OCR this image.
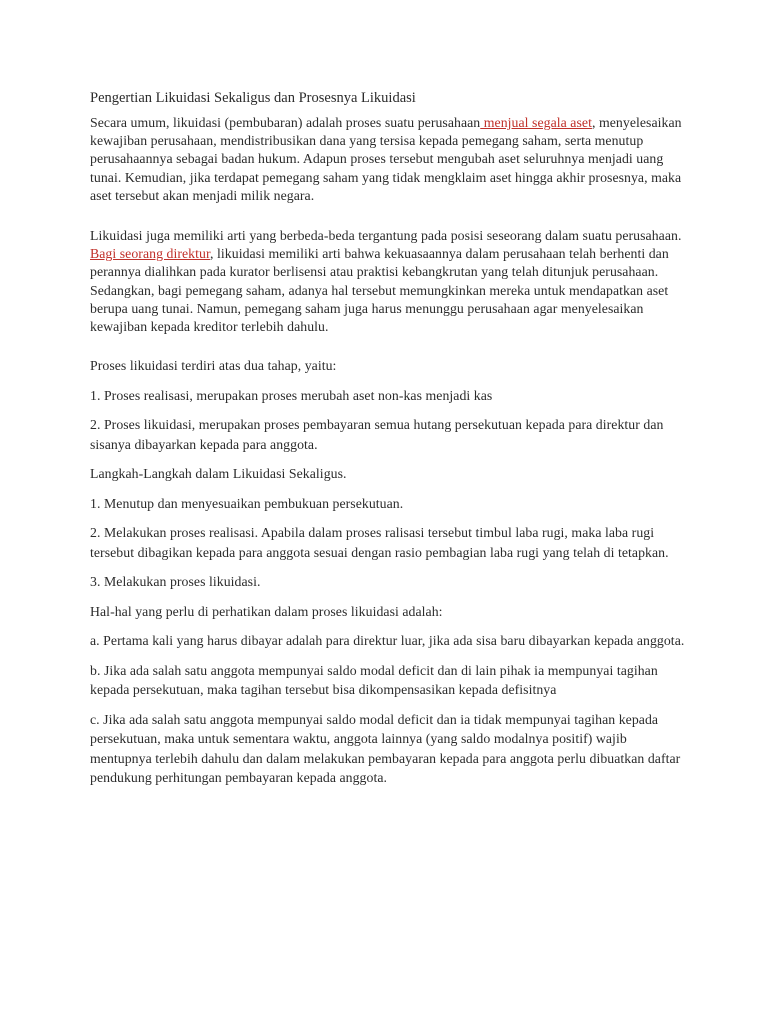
Pengertian Likuidasi Sekaligus dan Prosesnya Likuidasi

Secara umum, likuidasi (pembubaran) adalah proses suatu perusahaan menjual segala aset, menyelesaikan kewajiban perusahaan, mendistribusikan dana yang tersisa kepada pemegang saham, serta menutup perusahaannya sebagai badan hukum. Adapun proses tersebut mengubah aset seluruhnya menjadi uang tunai. Kemudian, jika terdapat pemegang saham yang tidak mengklaim aset hingga akhir prosesnya, maka aset tersebut akan menjadi milik negara.

Likuidasi juga memiliki arti yang berbeda-beda tergantung pada posisi seseorang dalam suatu perusahaan. Bagi seorang direktur, likuidasi memiliki arti bahwa kekuasaannya dalam perusahaan telah berhenti dan perannya dialihkan pada kurator berlisensi atau praktisi kebangkrutan yang telah ditunjuk perusahaan. Sedangkan, bagi pemegang saham, adanya hal tersebut memungkinkan mereka untuk mendapatkan aset berupa uang tunai. Namun, pemegang saham juga harus menunggu perusahaan agar menyelesaikan kewajiban kepada kreditor terlebih dahulu.

Proses likuidasi terdiri atas dua tahap, yaitu:

1. Proses realisasi, merupakan proses merubah aset non-kas menjadi kas

2. Proses likuidasi, merupakan proses pembayaran semua hutang persekutuan kepada para direktur dan sisanya dibayarkan kepada para anggota.

Langkah-Langkah dalam Likuidasi Sekaligus.

1. Menutup dan menyesuaikan pembukuan persekutuan.

2. Melakukan proses realisasi. Apabila dalam proses ralisasi tersebut timbul laba rugi, maka laba rugi tersebut dibagikan kepada para anggota sesuai dengan rasio pembagian laba rugi yang telah di tetapkan.

3. Melakukan proses likuidasi.

Hal-hal yang perlu di perhatikan dalam proses likuidasi adalah:

a. Pertama kali yang harus dibayar adalah para direktur luar, jika ada sisa baru dibayarkan kepada anggota.

b. Jika ada salah satu anggota mempunyai saldo modal deficit dan di lain pihak ia mempunyai tagihan kepada persekutuan, maka tagihan tersebut bisa dikompensasikan kepada defisitnya

c. Jika ada salah satu anggota mempunyai saldo modal deficit dan ia tidak mempunyai tagihan kepada persekutuan, maka untuk sementara waktu, anggota lainnya (yang saldo modalnya positif) wajib mentupnya terlebih dahulu dan dalam melakukan pembayaran kepada para anggota perlu dibuatkan daftar pendukung perhitungan pembayaran kepada anggota.
